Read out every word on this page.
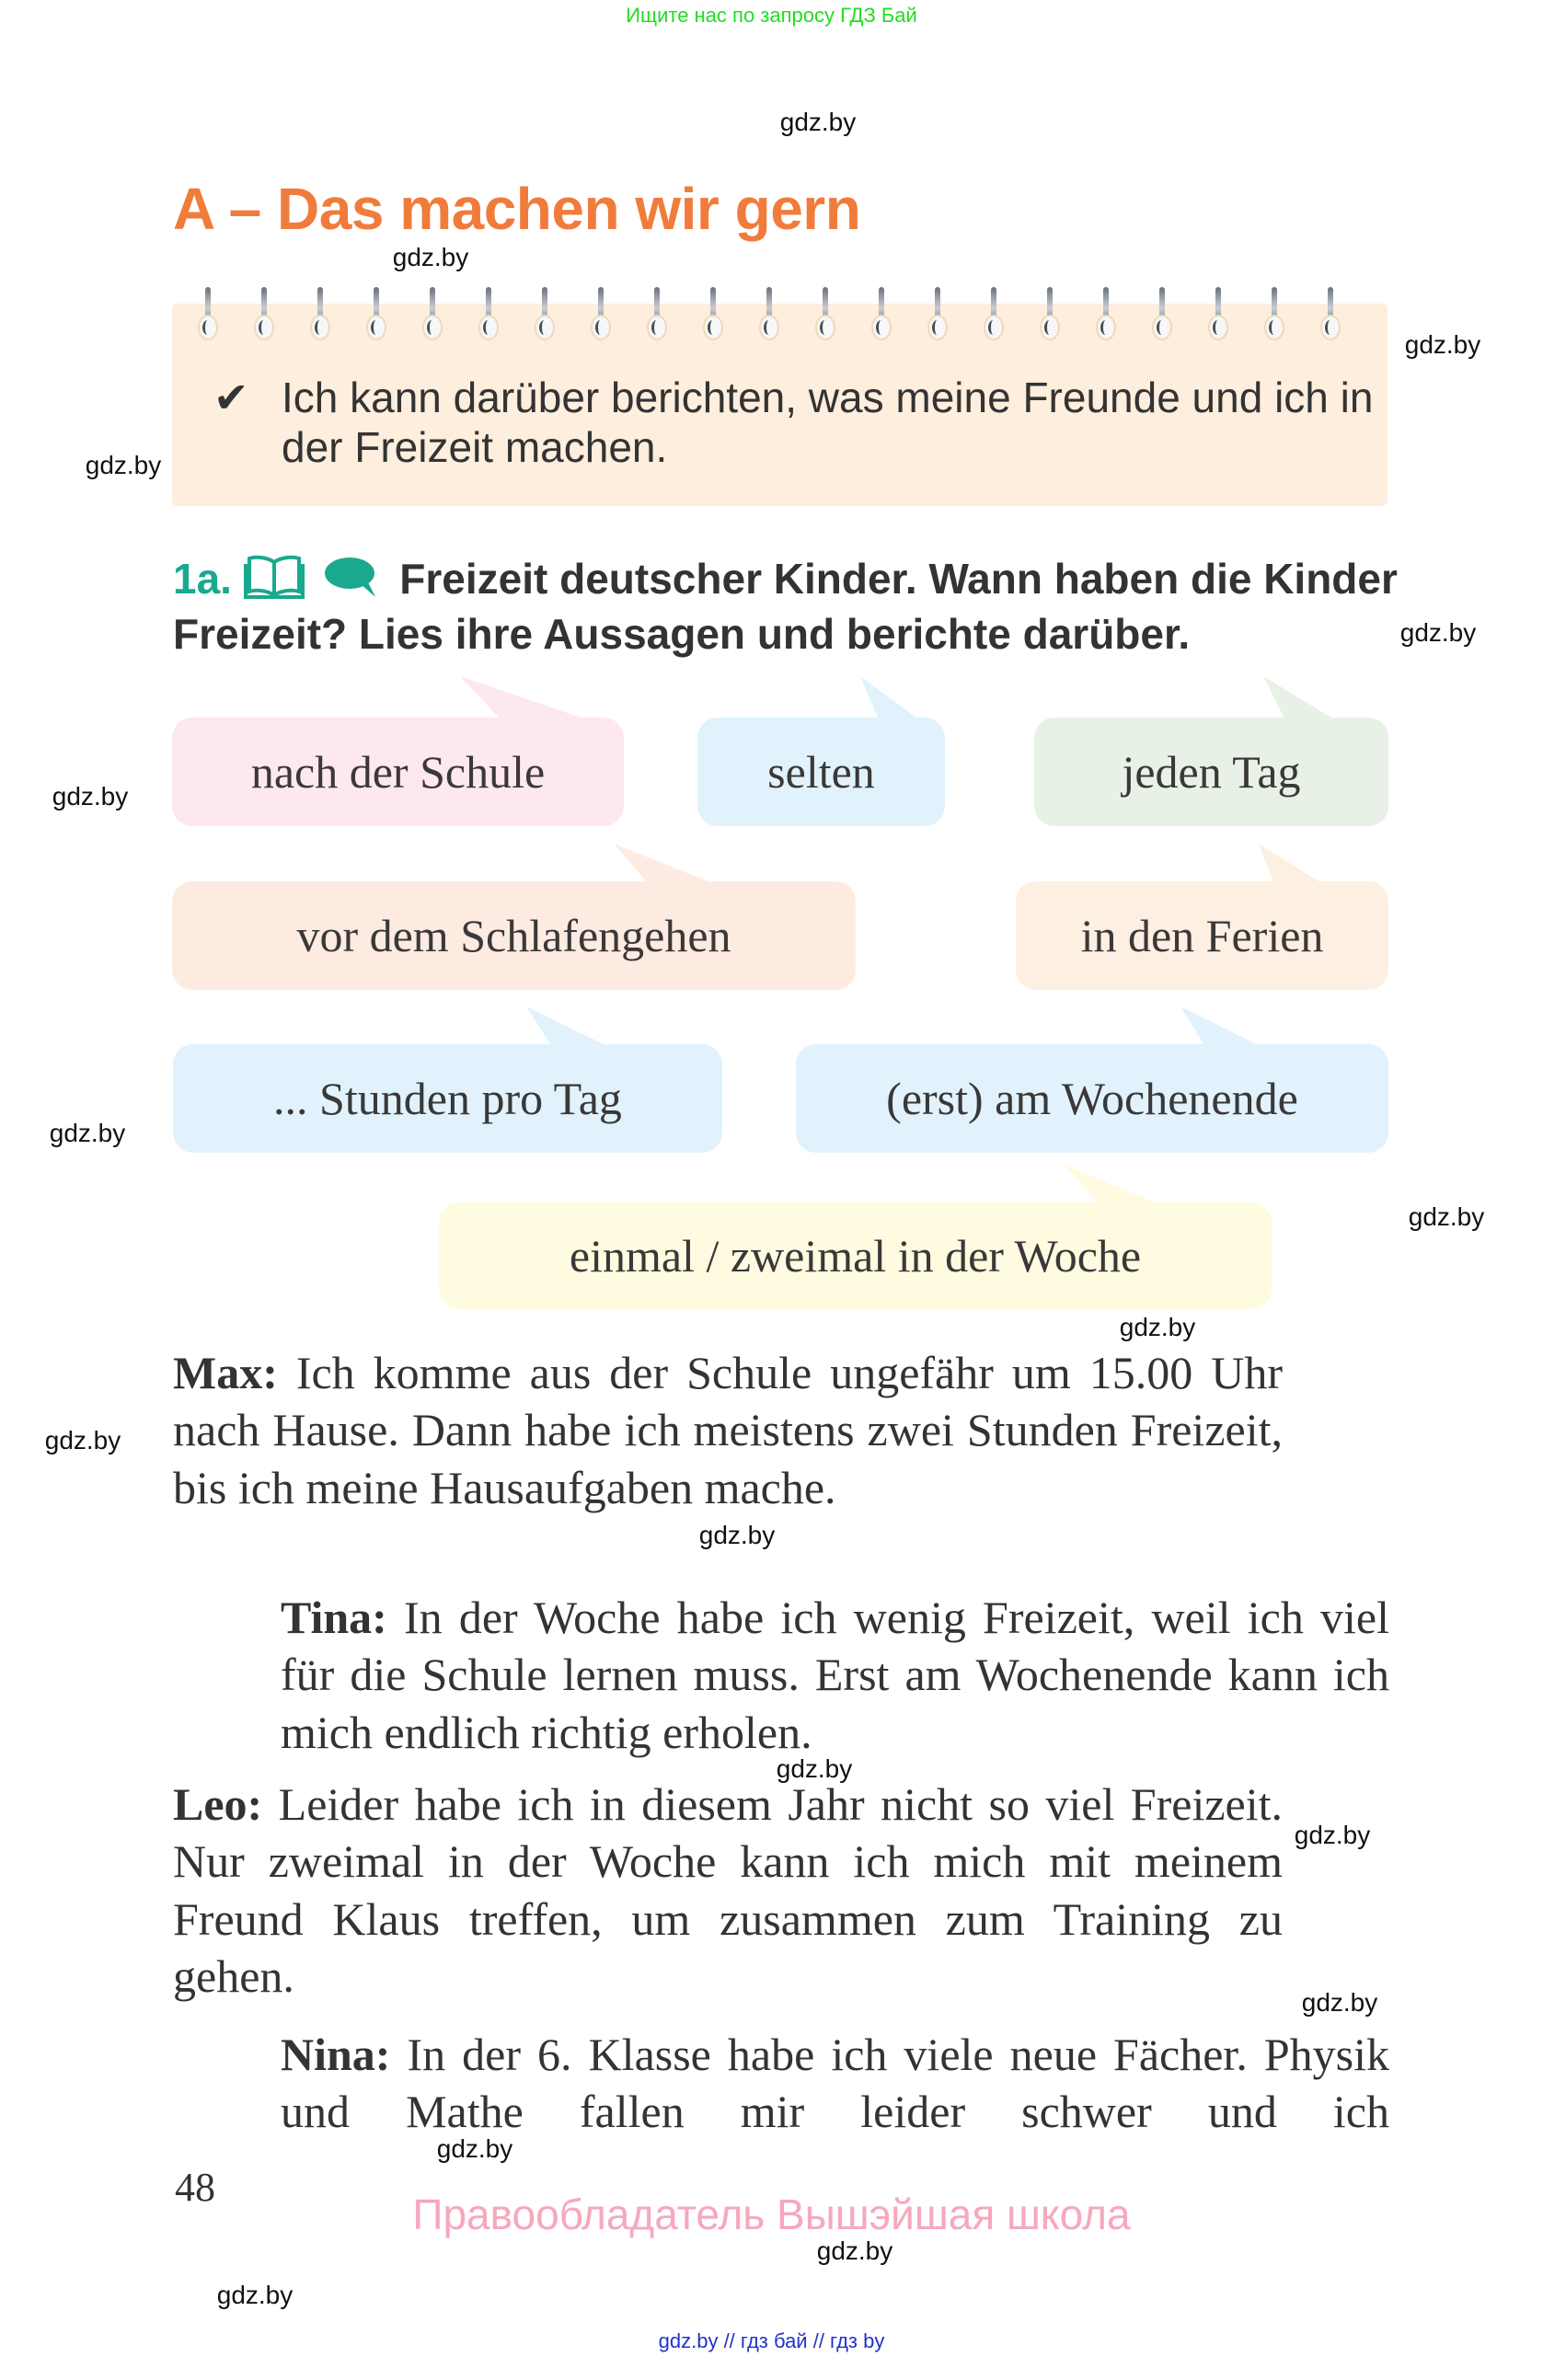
Ищите нас по запросу ГДЗ Бай
gdz.by
gdz.by
gdz.by
gdz.by
gdz.by
gdz.by
gdz.by
gdz.by
gdz.by
gdz.by
gdz.by
gdz.by
gdz.by
gdz.by
gdz.by
gdz.by
gdz.by
A – Das machen wir gern
✔ Ich kann darüber berichten, was meine Freunde und ich in der Freizeit machen.
1a.	Freizeit deutscher Kinder. Wann haben die Kinder Freizeit? Lies ihre Aussagen und berichte darüber.
nach der Schule	selten	jeden Tag
vor dem Schlafengehen	in den Ferien
... Stunden pro Tag	(erst) am Wochenende
einmal / zweimal in der Woche
Max: Ich komme aus der Schule ungefähr um 15.00 Uhr nach Hause. Dann habe ich meistens zwei Stunden Freizeit, bis ich meine Hausaufgaben mache.
Tina: In der Woche habe ich wenig Freizeit, weil ich viel für die Schule lernen muss. Erst am Wochenende kann ich mich endlich richtig erholen.
Leo: Leider habe ich in diesem Jahr nicht so viel Freizeit. Nur zweimal in der Woche kann ich mich mit meinem Freund Klaus treffen, um zusammen zum Training zu gehen.
Nina: In der 6. Klasse habe ich viele neue Fächer. Physik und Mathe fallen mir leider schwer und ich
48
Правообладатель Вышэйшая школа
gdz.by // гдз бай // гдз by
